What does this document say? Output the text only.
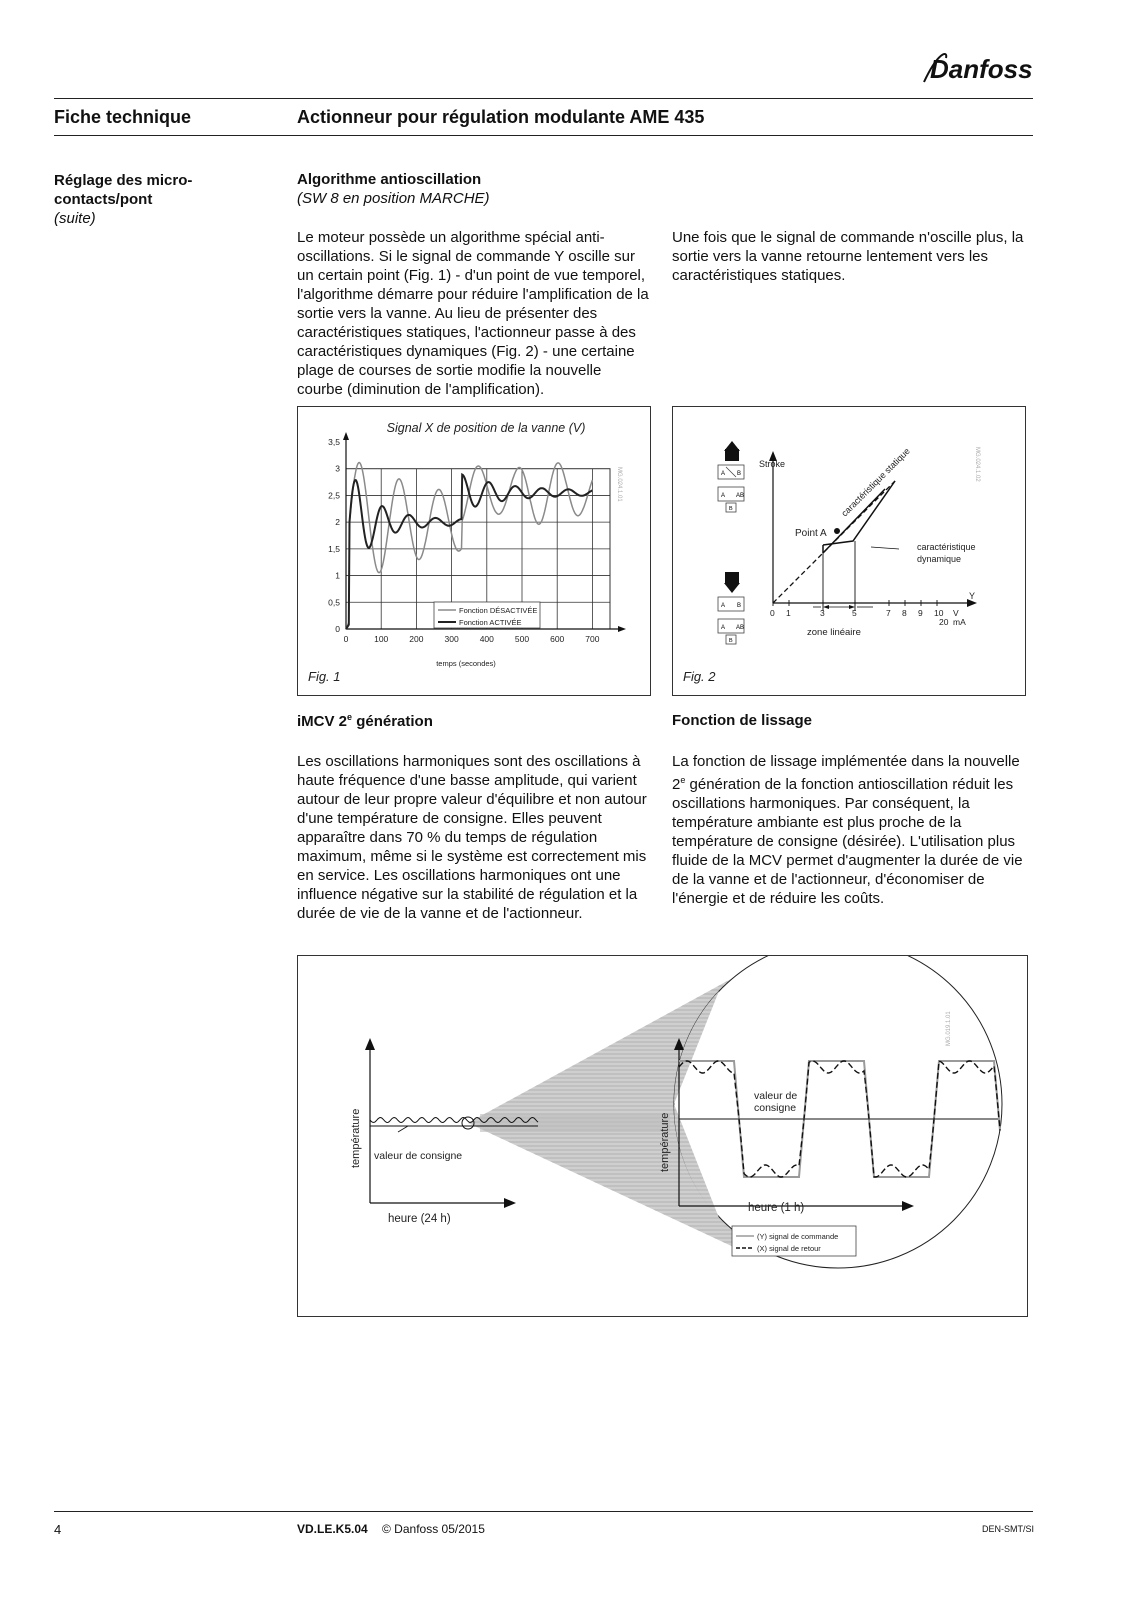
Danfoss
Fiche technique	Actionneur pour régulation modulante AME 435
Réglage des micro-contacts/pont
(suite)
Algorithme antioscillation
(SW 8 en position MARCHE)
Le moteur possède un algorithme spécial anti-oscillations. Si le signal de commande Y oscille sur un certain point (Fig. 1) - d'un point de vue temporel, l'algorithme démarre pour réduire l'amplification de la sortie vers la vanne. Au lieu de présenter des caractéristiques statiques, l'actionneur passe à des caractéristiques dynamiques (Fig. 2) - une certaine plage de courses de sortie modifie la nouvelle courbe (diminution de l'amplification).
Une fois que le signal de commande n'oscille plus, la sortie vers la vanne retourne lentement vers les caractéristiques statiques.
Signal X de position de la vanne (V)
MG.024.1.01
0
0,5
1
1,5
2
2,5
3
3,5
0	100 200 300 400 500 600 700
Fonction DÉSACTIVÉE
Fonction ACTIVÉE
temps (secondes)
Fig. 1
MG.024.1.02
A B
A AB
B
A B
A AB
B
Stroke
Y
caractéristique statique
Point A
caractéristique
dynamique
0 1	3	5	7 8 9 10
20
V
mA
zone linéaire
Fig. 2
iMCV 2e génération
Les oscillations harmoniques sont des oscillations à haute fréquence d'une basse amplitude, qui varient autour de leur propre valeur d'équilibre et non autour d'une température de consigne. Elles peuvent apparaître dans 70 % du temps de régulation maximum, même si le système est correctement mis en service. Les oscillations harmoniques ont une influence négative sur la stabilité de régulation et la durée de vie de la vanne et de l'actionneur.
Fonction de lissage
La fonction de lissage implémentée dans la nouvelle 2e génération de la fonction antioscillation réduit les oscillations harmoniques. Par conséquent, la température ambiante est plus proche de la température de consigne (désirée). L'utilisation plus fluide de la MCV permet d'augmenter la durée de vie de la vanne et de l'actionneur, d'économiser de l'énergie et de réduire les coûts.
MG.019.1.01
température valeur de consigne
heure (24 h)
température
valeur de
consigne
heure (1 h)
(Y) signal de commande
(X) signal de retour
4	VD.LE.K5.04 © Danfoss 05/2015	DEN-SMT/SI
